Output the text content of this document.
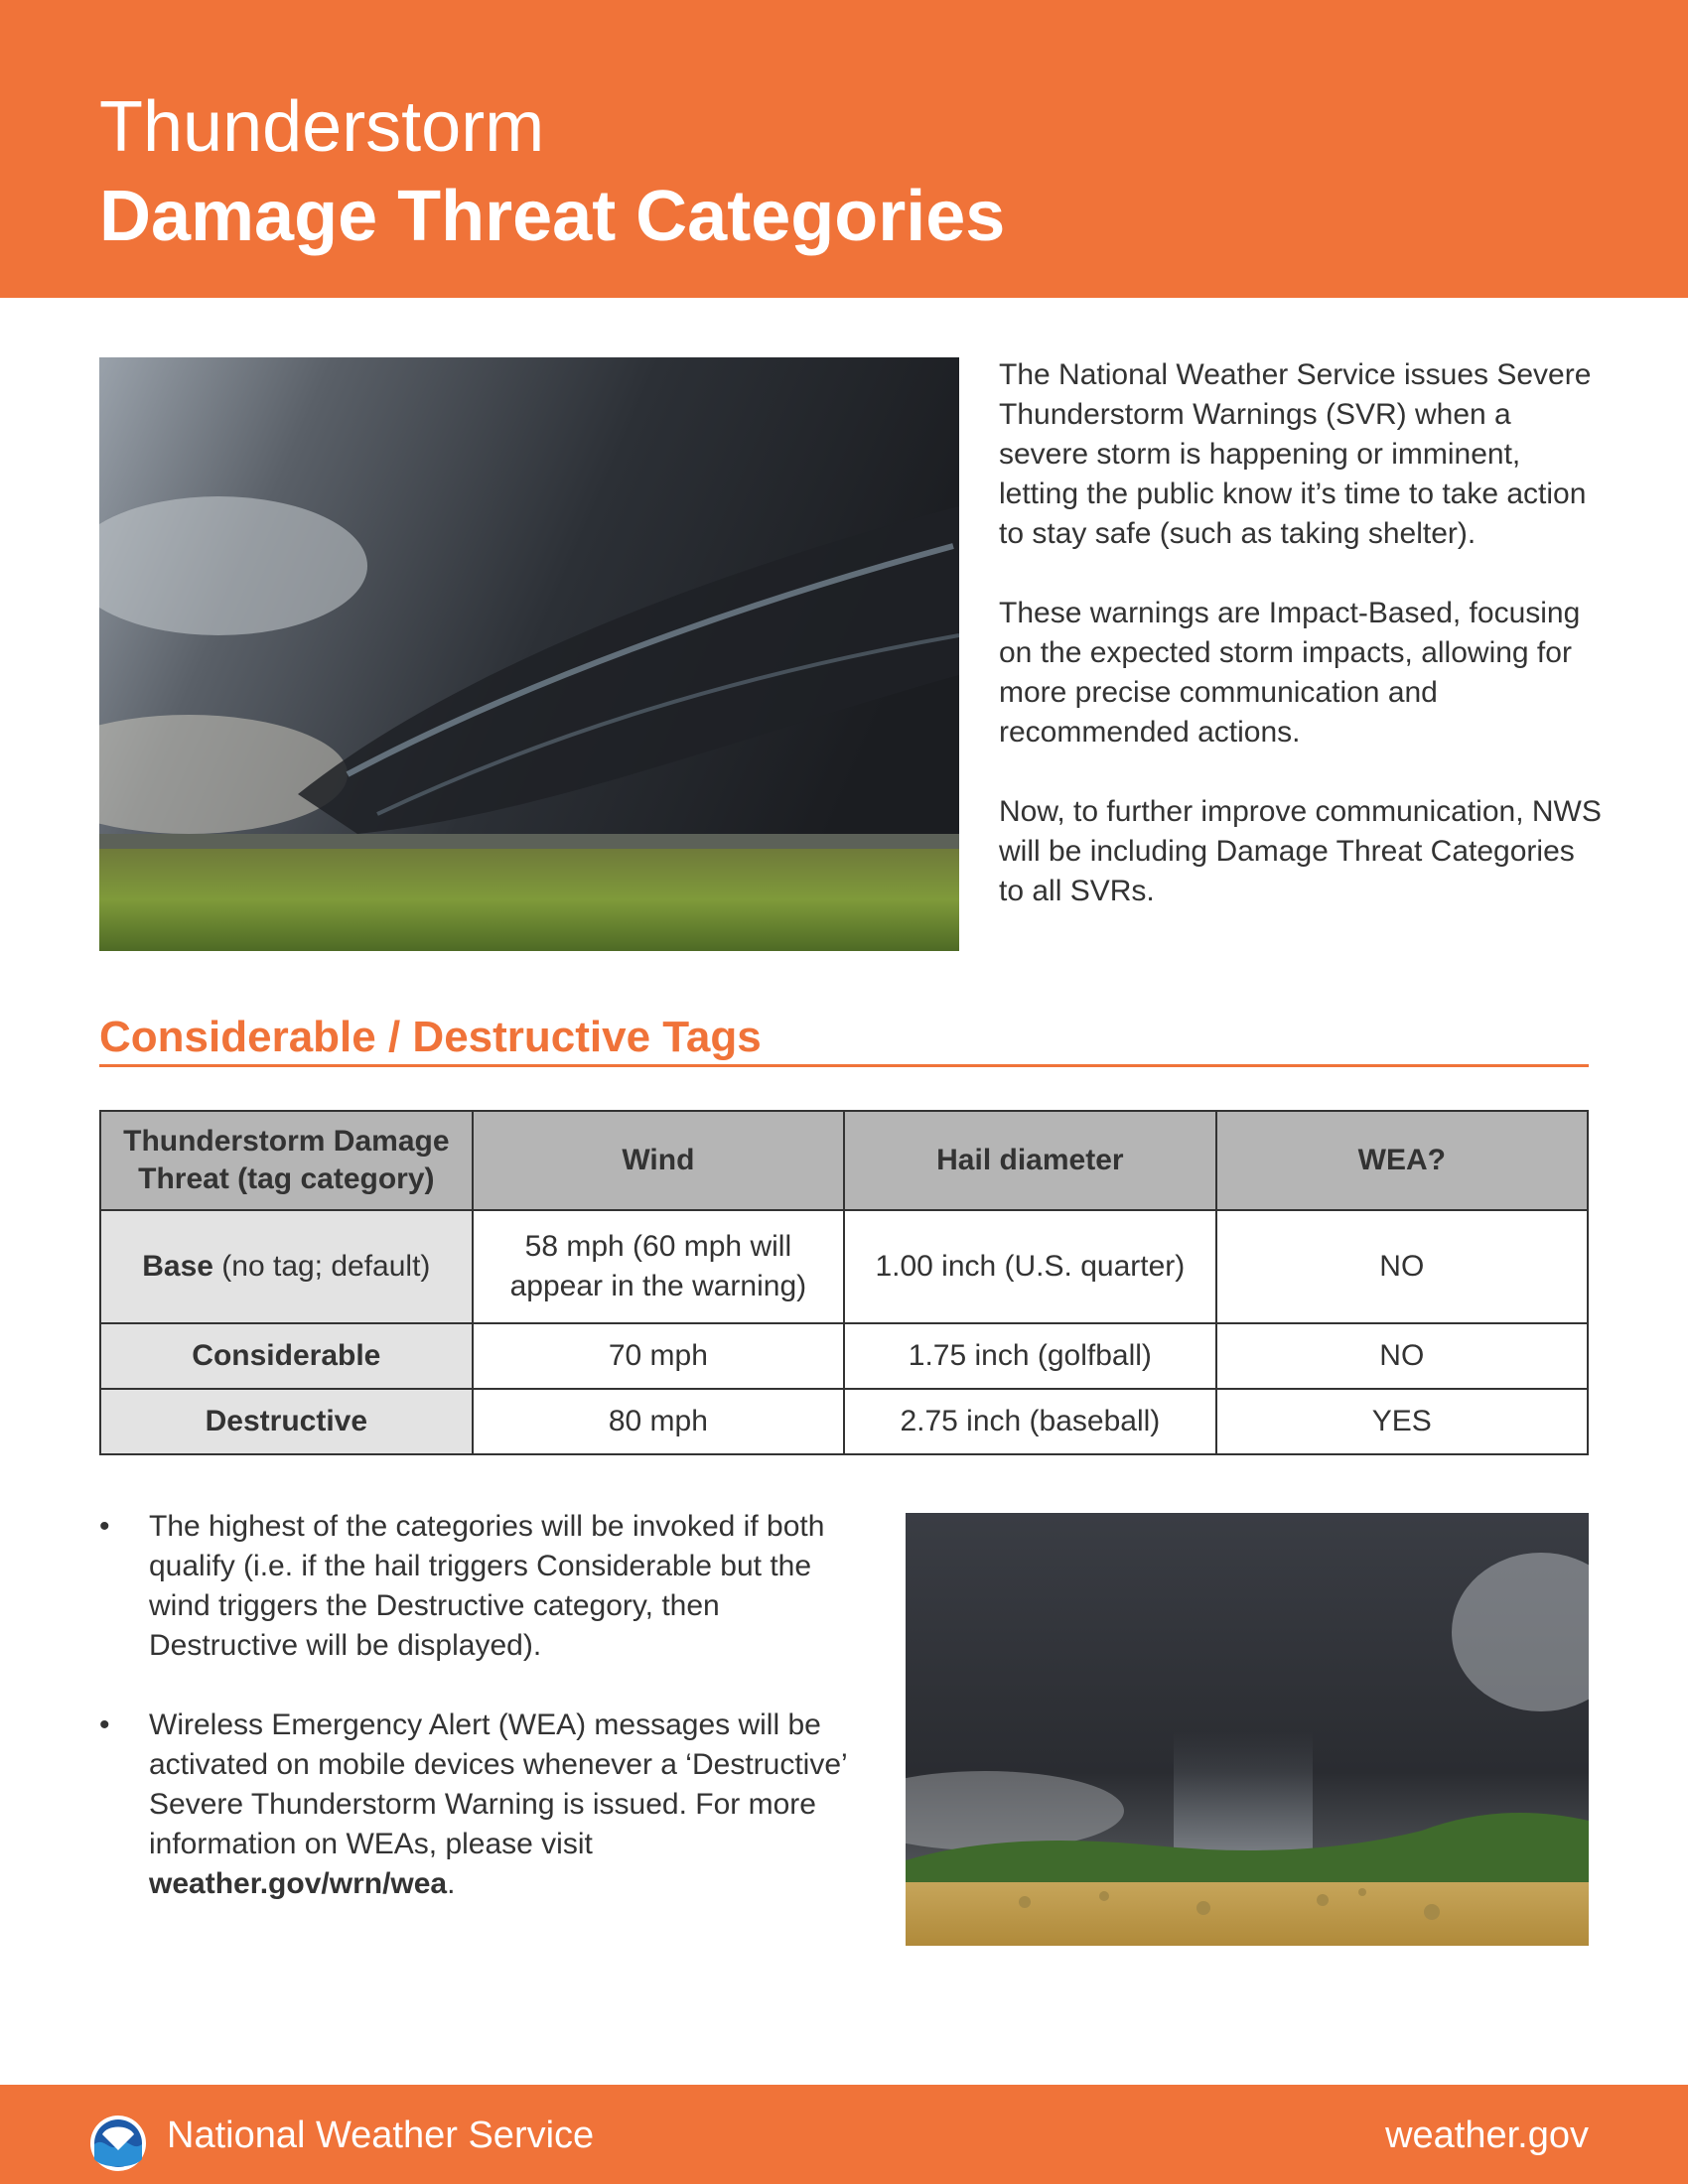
Thunderstorm
Damage Threat Categories

The National Weather Service issues Severe Thunderstorm Warnings (SVR) when a severe storm is happening or imminent, letting the public know it’s time to take action to stay safe (such as taking shelter).

These warnings are Impact-Based, focusing on the expected storm impacts, allowing for more precise communication and recommended actions.

Now, to further improve communication, NWS will be including Damage Threat Categories to all SVRs.

Considerable / Destructive Tags
Thunderstorm Damage Threat (tag category)	Wind	Hail diameter	WEA?
Base (no tag; default)	58 mph (60 mph will appear in the warning)	1.00 inch (U.S. quarter)	NO
Considerable	70 mph	1.75 inch (golfball)	NO
Destructive	80 mph	2.75 inch (baseball)	YES
• The highest of the categories will be invoked if both qualify (i.e. if the hail triggers Considerable but the wind triggers the Destructive category, then Destructive will be displayed).
• Wireless Emergency Alert (WEA) messages will be activated on mobile devices whenever a ‘Destructive’ Severe Thunderstorm Warning is issued. For more information on WEAs, please visit weather.gov/wrn/wea.
National Weather Service	weather.gov
